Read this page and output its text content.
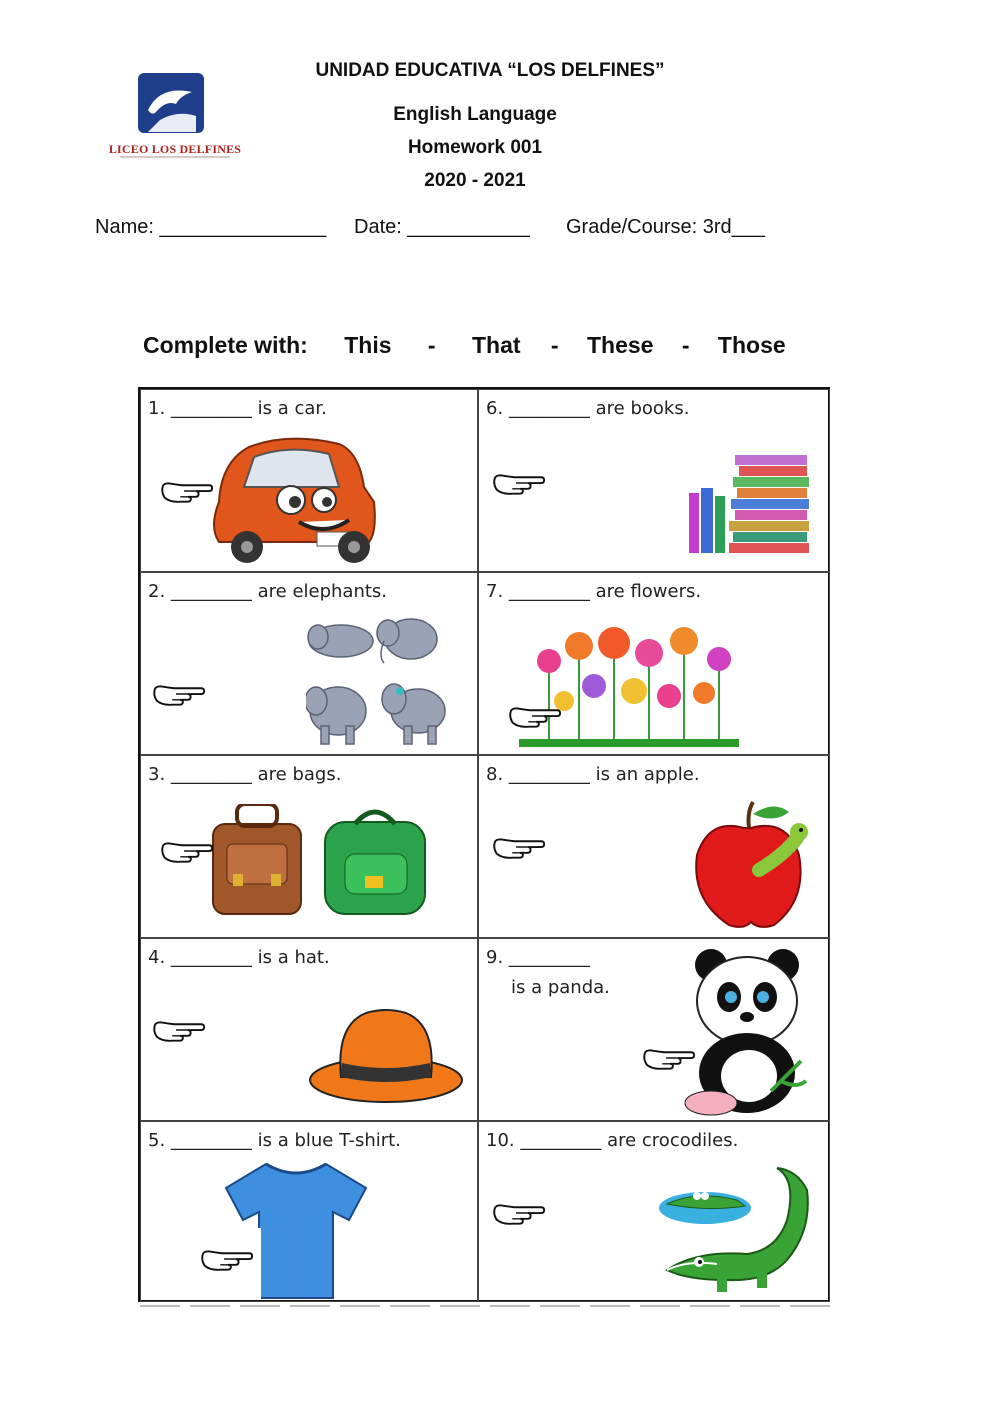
UNIDAD EDUCATIVA “LOS DELFINES”
LICEO LOS DELFINES
English Language
Homework 001
2020 - 2021
Name: _______________ Date: ___________ Grade/Course: 3rd___
Complete with: This - That - These - Those
1. _________ is a car.	6. _________ are books.
2. _________ are elephants.	7. _________ are flowers.
3. _________ are bags.	8. _________ is an apple.
4. _________ is a hat.	9. _________
is a panda.
5. _________ is a blue T-shirt.	10. _________ are crocodiles.
